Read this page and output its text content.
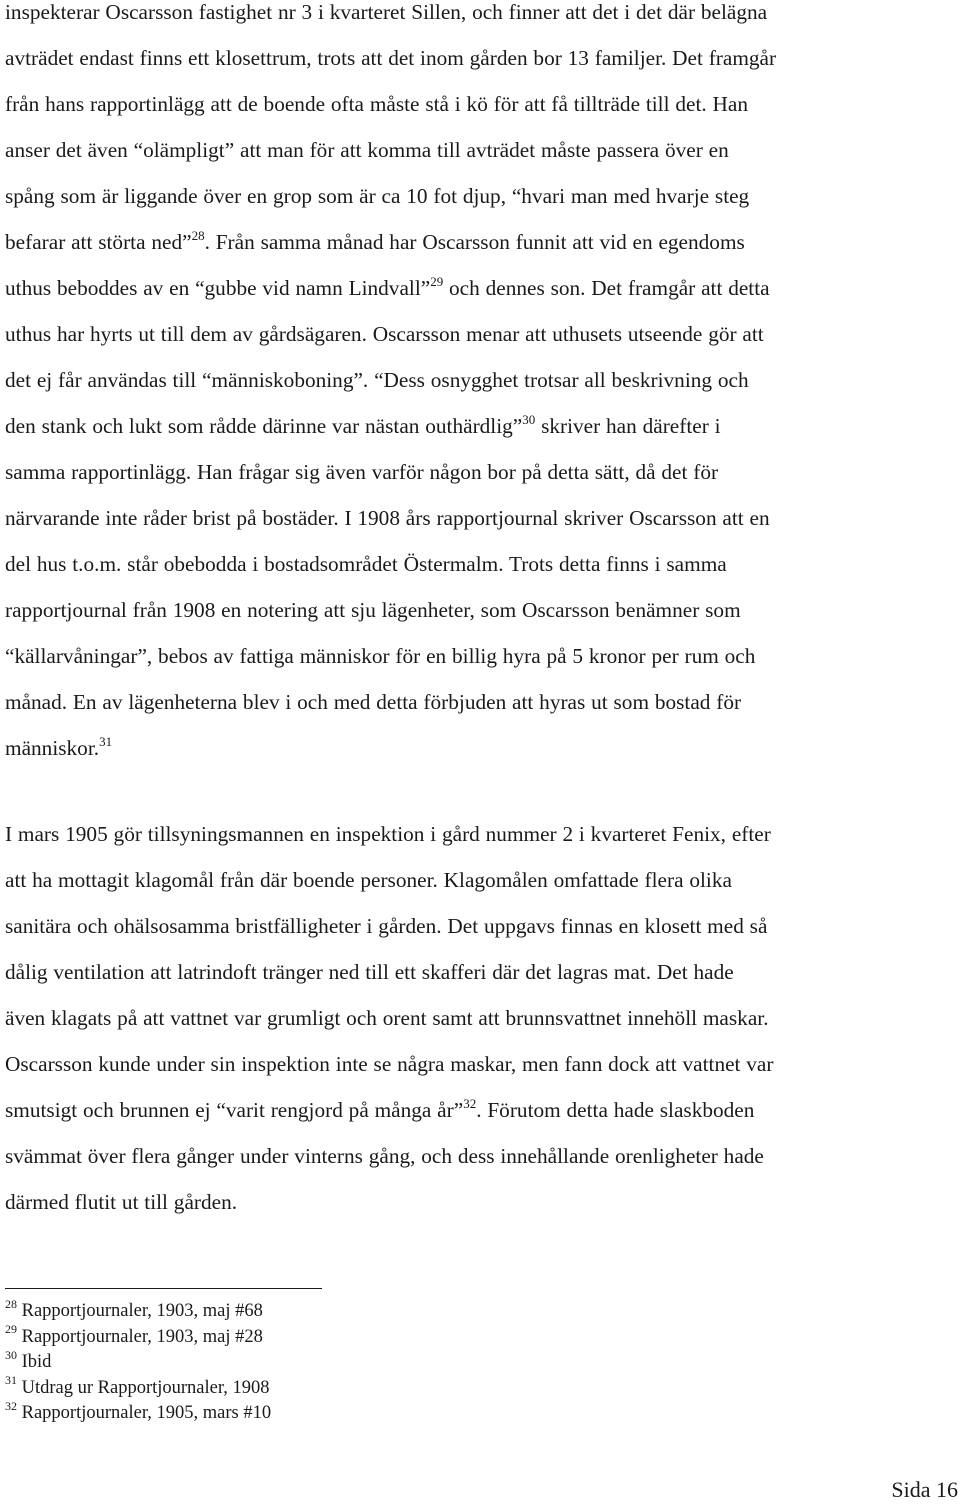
inspekterar Oscarsson fastighet nr 3 i kvarteret Sillen, och finner att det i det där belägna
avträdet endast finns ett klosettrum, trots att det inom gården bor 13 familjer. Det framgår
från hans rapportinlägg att de boende ofta måste stå i kö för att få tillträde till det. Han
anser det även “olämpligt” att man för att komma till avträdet måste passera över en
spång som är liggande över en grop som är ca 10 fot djup, “hvari man med hvarje steg
befarar att störta ned”$^{28}$. Från samma månad har Oscarsson funnit att vid en egendoms
uthus beboddes av en “gubbe vid namn Lindvall”$^{29}$ och dennes son. Det framgår att detta
uthus har hyrts ut till dem av gårdsägaren. Oscarsson menar att uthusets utseende gör att
det ej får användas till “människoboning”. “Dess osnygghet trotsar all beskrivning och
den stank och lukt som rådde därinne var nästan outhärdlig”$^{30}$ skriver han därefter i
samma rapportinlägg. Han frågar sig även varför någon bor på detta sätt, då det för
närvarande inte råder brist på bostäder. I 1908 års rapportjournal skriver Oscarsson att en
del hus t.o.m. står obebodda i bostadsområdet Östermalm. Trots detta finns i samma
rapportjournal från 1908 en notering att sju lägenheter, som Oscarsson benämner som
“källarvåningar”, bebos av fattiga människor för en billig hyra på 5 kronor per rum och
månad. En av lägenheterna blev i och med detta förbjuden att hyras ut som bostad för
människor.$^{31}$

I mars 1905 gör tillsyningsmannen en inspektion i gård nummer 2 i kvarteret Fenix, efter
att ha mottagit klagomål från där boende personer. Klagomålen omfattade flera olika
sanitära och ohälsosamma bristfälligheter i gården. Det uppgavs finnas en klosett med så
dålig ventilation att latrindoft tränger ned till ett skafferi där det lagras mat. Det hade
även klagats på att vattnet var grumligt och orent samt att brunnsvattnet innehöll maskar.
Oscarsson kunde under sin inspektion inte se några maskar, men fann dock att vattnet var
smutsigt och brunnen ej “varit rengjord på många år”$^{32}$. Förutom detta hade slaskboden
svämmat över flera gånger under vinterns gång, och dess innehållande orenligheter hade
därmed flutit ut till gården.

$^{28}$ Rapportjournaler, 1903, maj #68
$^{29}$ Rapportjournaler, 1903, maj #28
$^{30}$ Ibid
$^{31}$ Utdrag ur Rapportjournaler, 1908
$^{32}$ Rapportjournaler, 1905, mars #10
Sida 16
